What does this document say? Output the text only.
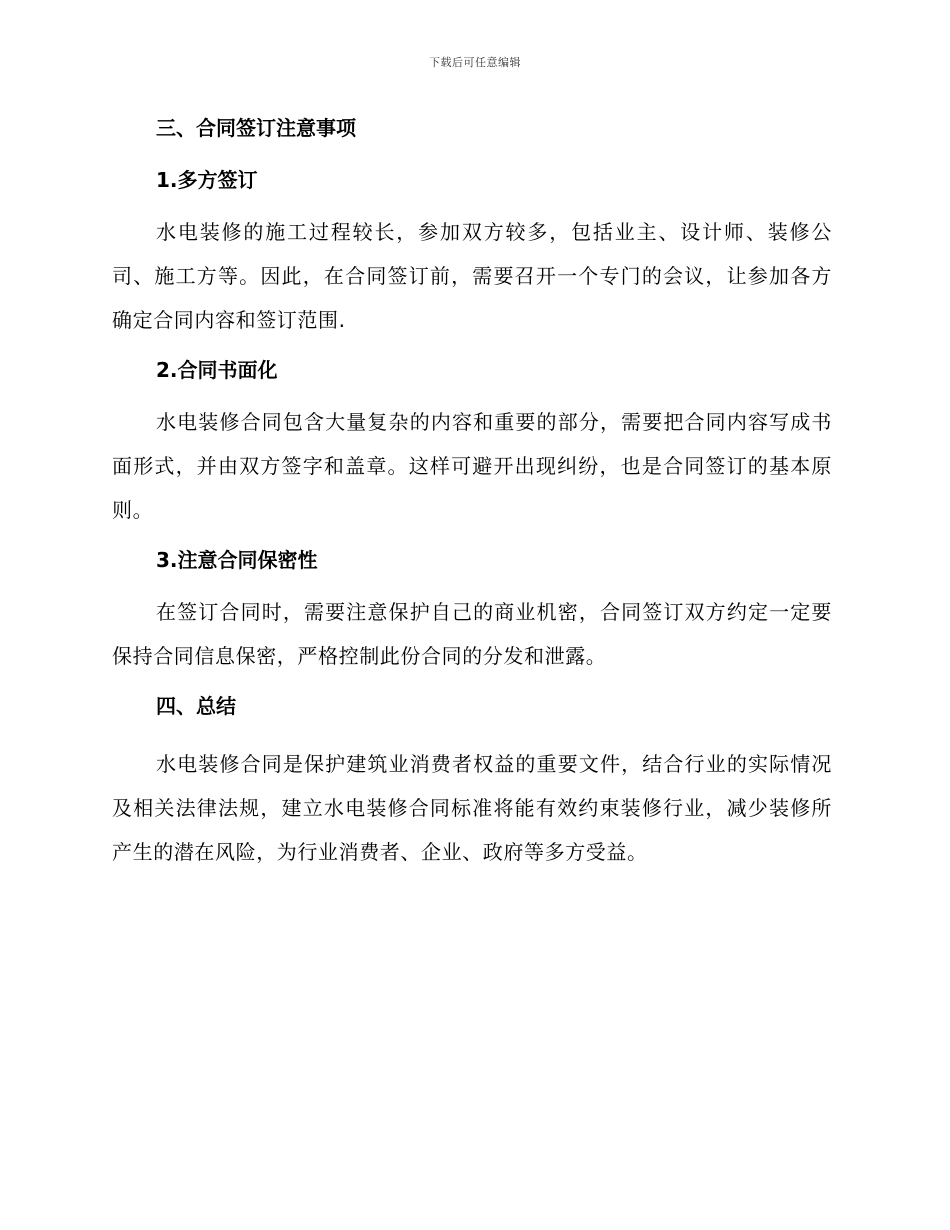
下载后可任意编辑
三、合同签订注意事项
1.多方签订

水电装修的施工过程较长，参加双方较多，包括业主、设计师、装修公司、施工方等。因此，在合同签订前，需要召开一个专门的会议，让参加各方确定合同内容和签订范围.

2.合同书面化

水电装修合同包含大量复杂的内容和重要的部分，需要把合同内容写成书面形式，并由双方签字和盖章。这样可避开出现纠纷，也是合同签订的基本原则。

3.注意合同保密性

在签订合同时，需要注意保护自己的商业机密，合同签订双方约定一定要保持合同信息保密，严格控制此份合同的分发和泄露。

四、总结

水电装修合同是保护建筑业消费者权益的重要文件，结合行业的实际情况及相关法律法规，建立水电装修合同标准将能有效约束装修行业，减少装修所产生的潜在风险，为行业消费者、企业、政府等多方受益。
